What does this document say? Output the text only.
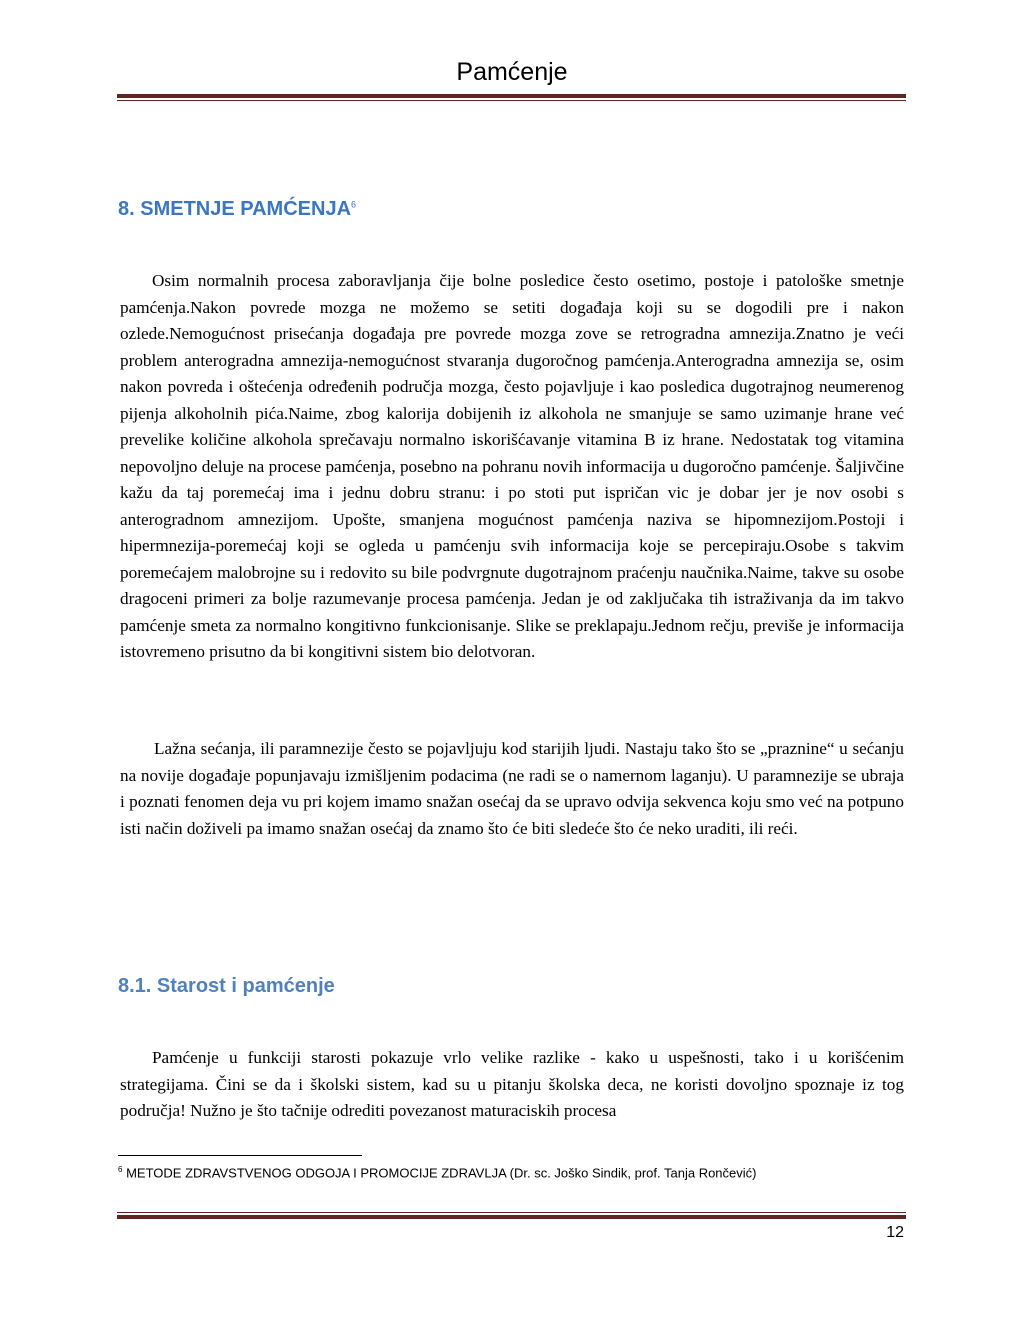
Pamćenje
8. SMETNJE PAMĆENJA$^6$

Osim normalnih procesa zaboravljanja čije bolne posledice često osetimo, postoje i patološke smetnje pamćenja.Nakon povrede mozga ne možemo se setiti događaja koji su se dogodili pre i nakon ozlede.Nemogućnost prisećanja događaja pre povrede mozga zove se retrogradna amnezija.Znatno je veći problem anterogradna amnezija-nemogućnost stvaranja dugoročnog pamćenja.Anterogradna amnezija se, osim nakon povreda i oštećenja određenih područja mozga, često pojavljuje i kao posledica dugotrajnog neumerenog pijenja alkoholnih pića.Naime, zbog kalorija dobijenih iz alkohola ne smanjuje se samo uzimanje hrane već prevelike količine alkohola sprečavaju normalno iskorišćavanje vitamina B iz hrane. Nedostatak tog vitamina nepovoljno deluje na procese pamćenja, posebno na pohranu novih informacija u dugoročno pamćenje. Šaljivčine kažu da taj poremećaj ima i jednu dobru stranu: i po stoti put ispričan vic je dobar jer je nov osobi s anterogradnom amnezijom. Upošte, smanjena mogućnost pamćenja naziva se hipomnezijom.Postoji i hipermnezija-poremećaj koji se ogleda u pamćenju svih informacija koje se percepiraju.Osobe s takvim poremećajem malobrojne su i redovito su bile podvrgnute dugotrajnom praćenju naučnika.Naime, takve su osobe dragoceni primeri za bolje razumevanje procesa pamćenja. Jedan je od zaključaka tih istraživanja da im takvo pamćenje smeta za normalno kongitivno funkcionisanje. Slike se preklapaju.Jednom rečju, previše je informacija istovremeno prisutno da bi kongitivni sistem bio delotvoran.

Lažna sećanja, ili paramnezije često se pojavljuju kod starijih ljudi. Nastaju tako što se „praznine“ u sećanju na novije događaje popunjavaju izmišljenim podacima (ne radi se o namernom laganju). U paramnezije se ubraja i poznati fenomen deja vu pri kojem imamo snažan osećaj da se upravo odvija sekvenca koju smo već na potpuno isti način doživeli pa imamo snažan osećaj da znamo što će biti sledeće što će neko uraditi, ili reći.

8.1. Starost i pamćenje

Pamćenje u funkciji starosti pokazuje vrlo velike razlike - kako u uspešnosti, tako i u korišćenim strategijama. Čini se da i školski sistem, kad su u pitanju školska deca, ne koristi dovoljno spoznaje iz tog područja! Nužno je što tačnije odrediti povezanost maturaciskih procesa

$^6$ METODE ZDRAVSTVENOG ODGOJA I PROMOCIJE ZDRAVLJA (Dr. sc. Joško Sindik, prof. Tanja Rončević)
12
